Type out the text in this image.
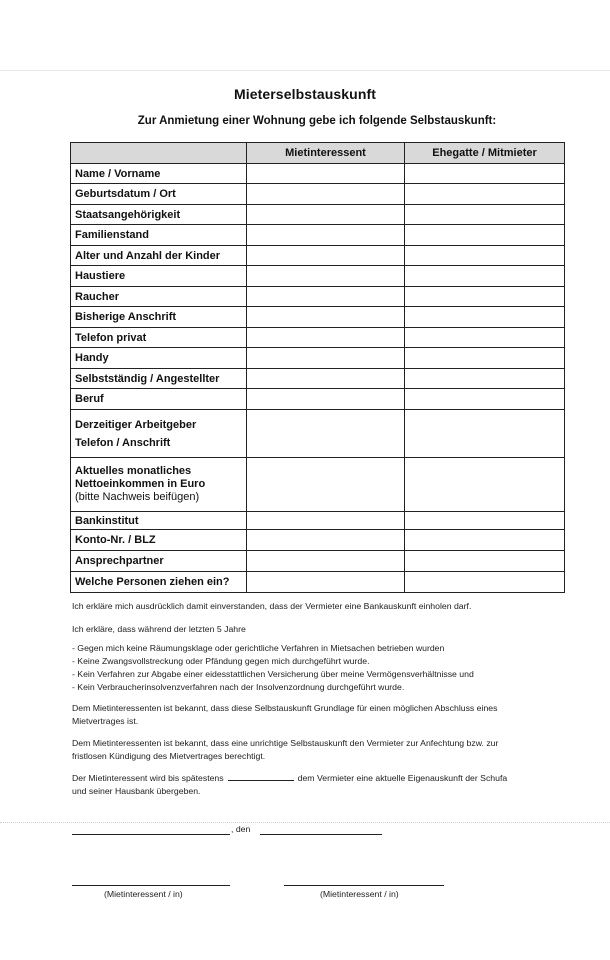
Mieterselbstauskunft
Zur Anmietung einer Wohnung gebe ich folgende Selbstauskunft:
	Mietinteressent	Ehegatte / Mitmieter
Name / Vorname		
Geburtsdatum / Ort		
Staatsangehörigkeit		
Familienstand		
Alter und Anzahl der Kinder		
Haustiere		
Raucher		
Bisherige Anschrift		
Telefon privat		
Handy		
Selbstständig / Angestellter		
Beruf		

Derzeitiger Arbeitgeber
Telefon / Anschrift		

Aktuelles monatliches
Nettoeinkommen in Euro
(bitte Nachweis beifügen)		

Bankinstitut		
Konto-Nr. / BLZ		
Ansprechpartner		
Welche Personen ziehen ein?		
Ich erkläre mich ausdrücklich damit einverstanden, dass der Vermieter eine Bankauskunft einholen darf.
Ich erkläre, dass während der letzten 5 Jahre
- Gegen mich keine Räumungsklage oder gerichtliche Verfahren in Mietsachen betrieben wurden
- Keine Zwangsvollstreckung oder Pfändung gegen mich durchgeführt wurde.
- Kein Verfahren zur Abgabe einer eidesstattlichen Versicherung über meine Vermögensverhältnisse und
- Kein Verbraucherinsolvenzverfahren nach der Insolvenzordnung durchgeführt wurde.
Dem Mietinteressenten ist bekannt, dass diese Selbstauskunft Grundlage für einen möglichen Abschluss eines
Mietvertrages ist.
Dem Mietinteressenten ist bekannt, dass eine unrichtige Selbstauskunft den Vermieter zur Anfechtung bzw. zur
fristlosen Kündigung des Mietvertrages berechtigt.
Der Mietinteressent wird bis spätestens	dem Vermieter eine aktuelle Eigenauskunft der Schufa
und seiner Hausbank übergeben.
, den
(Mietinteressent / in)	(Mietinteressent / in)
